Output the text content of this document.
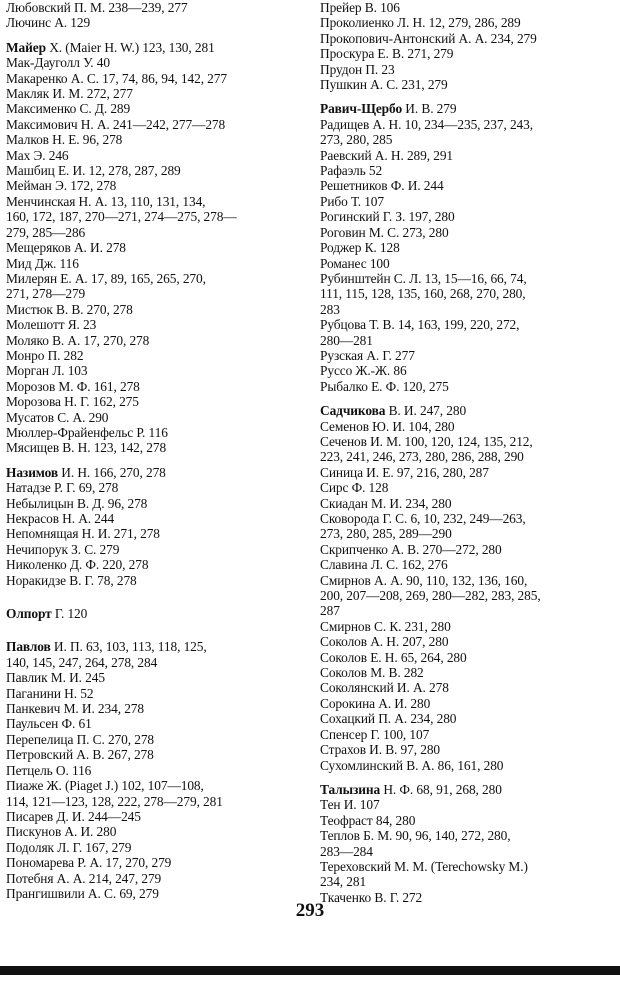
Любовский П. М. 238—239, 277
Лючинс А. 129
Майер X. (Maier H. W.) 123, 130, 281
Мак-Дауголл У. 40
Макаренко А. С. 17, 74, 86, 94, 142, 277
Макляк И. М. 272, 277
Максименко С. Д. 289
Максимович Н. А. 241—242, 277—278
Малков Н. Е. 96, 278
Мах Э. 246
Машбиц Е. И. 12, 278, 287, 289
Мейман Э. 172, 278
Менчинская Н. А. 13, 110, 131, 134,
160, 172, 187, 270—271, 274—275, 278—
279, 285—286
Мещеряков А. И. 278
Мид Дж. 116
Милерян Е. А. 17, 89, 165, 265, 270,
271, 278—279
Мистюк В. В. 270, 278
Молешотт Я. 23
Моляко В. А. 17, 270, 278
Монро П. 282
Морган Л. 103
Морозов М. Ф. 161, 278
Морозова Н. Г. 162, 275
Мусатов С. А. 290
Мюллер-Фрайенфельс Р. 116
Мясищев В. Н. 123, 142, 278
Назимов И. Н. 166, 270, 278
Натадзе Р. Г. 69, 278
Небылицын В. Д. 96, 278
Некрасов Н. А. 244
Непомнящая Н. И. 271, 278
Нечипорук З. С. 279
Николенко Д. Ф. 220, 278
Норакидзе В. Г. 78, 278
Олпорт Г. 120
Павлов И. П. 63, 103, 113, 118, 125,
140, 145, 247, 264, 278, 284
Павлик М. И. 245
Паганини Н. 52
Панкевич М. И. 234, 278
Паульсен Ф. 61
Перепелица П. С. 270, 278
Петровский А. В. 267, 278
Петцель О. 116
Пиаже Ж. (Piaget J.) 102, 107—108,
114, 121—123, 128, 222, 278—279, 281
Писарев Д. И. 244—245
Пискунов А. И. 280
Подоляк Л. Г. 167, 279
Пономарева Р. А. 17, 270, 279
Потебня А. А. 214, 247, 279
Прангишвили А. С. 69, 279
Прейер В. 106
Проколиенко Л. Н. 12, 279, 286, 289
Прокопович-Антонский А. А. 234, 279
Проскура Е. В. 271, 279
Прудон П. 23
Пушкин А. С. 231, 279
Равич-Щербо И. В. 279
Радищев А. Н. 10, 234—235, 237, 243,
273, 280, 285
Раевский А. Н. 289, 291
Рафаэль 52
Решетников Ф. И. 244
Рибо Т. 107
Рогинский Г. З. 197, 280
Роговин М. С. 273, 280
Роджер К. 128
Романес 100
Рубинштейн С. Л. 13, 15—16, 66, 74,
111, 115, 128, 135, 160, 268, 270, 280,
283
Рубцова Т. В. 14, 163, 199, 220, 272,
280—281
Рузская А. Г. 277
Руссо Ж.-Ж. 86
Рыбалко Е. Ф. 120, 275
Садчикова В. И. 247, 280
Семенов Ю. И. 104, 280
Сеченов И. М. 100, 120, 124, 135, 212,
223, 241, 246, 273, 280, 286, 288, 290
Синица И. Е. 97, 216, 280, 287
Сирс Ф. 128
Скиадан М. И. 234, 280
Сковорода Г. С. 6, 10, 232, 249—263,
273, 280, 285, 289—290
Скрипченко А. В. 270—272, 280
Славина Л. С. 162, 276
Смирнов А. А. 90, 110, 132, 136, 160,
200, 207—208, 269, 280—282, 283, 285,
287
Смирнов С. К. 231, 280
Соколов А. Н. 207, 280
Соколов Е. Н. 65, 264, 280
Соколов М. В. 282
Соколянский И. А. 278
Сорокина А. И. 280
Сохацкий П. А. 234, 280
Спенсер Г. 100, 107
Страхов И. В. 97, 280
Сухомлинский В. А. 86, 161, 280
Талызина Н. Ф. 68, 91, 268, 280
Тен И. 107
Теофраст 84, 280
Теплов Б. М. 90, 96, 140, 272, 280,
283—284
Тереховский М. М. (Terechowsky M.)
234, 281
Ткаченко В. Г. 272
293
